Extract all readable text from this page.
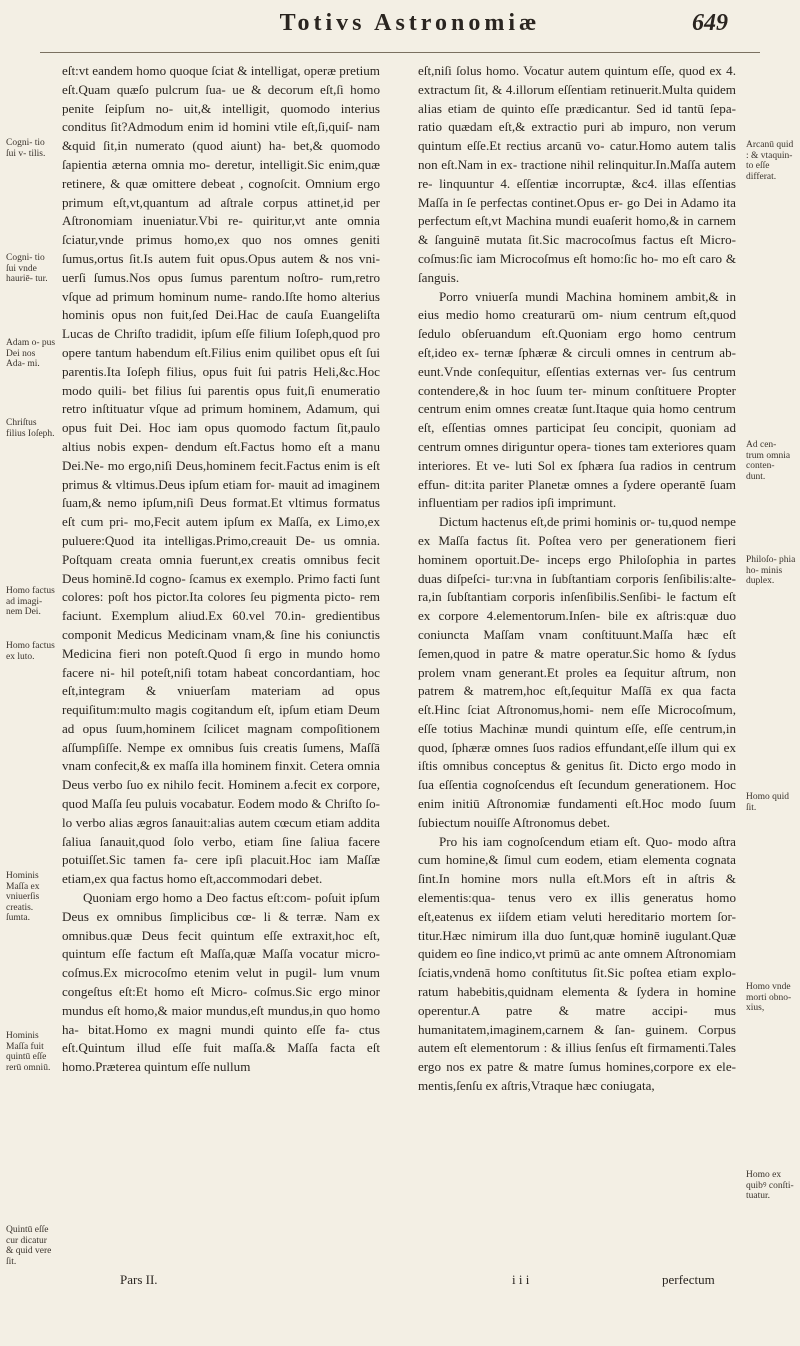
Totivs Astronomiæ	649

eſt:vt eandem homo quoque ſciat & intelligat, operæ pretium eſt.Quam quæſo pulcrum ſua- ue & decorum eſt,ſi homo penite ſeipſum no- uit,& intelligit, quomodo interius conditus ſit?Admodum enim id homini vtile eſt,ſi,quiſ- nam &quid ſit,in numerato (quod aiunt) ha- bet,& quomodo ſapientia æterna omnia mo- deretur, intelligit.Sic enim,quæ retinere, & quæ omittere debeat , cognoſcit. Omnium ergo primum eſt,vt,quantum ad aſtrale corpus attinet,id per Aſtronomiam inueniatur.Vbi re- quiritur,vt ante omnia ſciatur,vnde primus homo,ex quo nos omnes geniti ſumus,ortus ſit.Is autem fuit opus.Opus autem & nos vni- uerſi ſumus.Nos opus ſumus parentum noſtro- rum,retro vſque ad primum hominum nume- rando.Iſte homo alterius hominis opus non fuit,ſed Dei.Hac de cauſa Euangeliſta Lucas de Chriſto tradidit, ipſum eſſe filium Ioſeph,quod pro opere tantum habendum eſt.Filius enim quilibet opus eſt ſui parentis.Ita Ioſeph filius, opus fuit ſui patris Heli,&c.Hoc modo quili- bet filius ſui parentis opus fuit,ſi enumeratio retro inſtituatur vſque ad primum hominem, Adamum, qui opus fuit Dei. Hoc iam opus quomodo factum ſit,paulo altius nobis expen- dendum eſt.Factus homo eſt a manu Dei.Ne- mo ergo,niſi Deus,hominem fecit.Factus enim is eſt primus & vltimus.Deus ipſum etiam for- mauit ad imaginem ſuam,& nemo ipſum,niſi Deus format.Et vltimus formatus eſt cum pri- mo,Fecit autem ipſum ex Maſſa, ex Limo,ex puluere:Quod ita intelligas.Primo,creauit De- us omnia. Poſtquam creata omnia fuerunt,ex creatis omnibus fecit Deus hominē.Id cogno- ſcamus ex exemplo. Primo facti ſunt colores: poſt hos pictor.Ita colores ſeu pigmenta picto- rem faciunt. Exemplum aliud.Ex 60.vel 70.in- gredientibus componit Medicus Medicinam vnam,& ſine his coniunctis Medicina fieri non poteſt.Quod ſi ergo in mundo homo facere ni- hil poteſt,niſi totam habeat concordantiam, hoc eſt,integram & vniuerſam materiam ad opus requiſitum:multo magis cogitandum eſt, ipſum etiam Deum ad opus ſuum,hominem ſcilicet magnam compoſitionem aſſumpſiſſe. Nempe ex omnibus ſuis creatis ſumens, Maſſā vnam confecit,& ex maſſa illa hominem finxit. Cetera omnia Deus verbo ſuo ex nihilo fecit. Hominem a.fecit ex corpore, quod Maſſa ſeu puluis vocabatur. Eodem modo & Chriſto ſo- lo verbo alias ægros ſanauit:alias autem cœcum etiam addita ſaliua ſanauit,quod ſolo verbo, etiam ſine ſaliua facere potuiſſet.Sic tamen fa- cere ipſi placuit.Hoc iam Maſſæ etiam,ex qua factus homo eſt,accommodari debet.

Quoniam ergo homo a Deo factus eſt:com- poſuit ipſum Deus ex omnibus ſimplicibus cœ- li & terræ. Nam ex omnibus.quæ Deus fecit quintum eſſe extraxit,hoc eſt, quintum eſſe factum eſt Maſſa,quæ Maſſa vocatur micro- coſmus.Ex microcoſmo etenim velut in pugil- lum vnum congeſtus eſt:Et homo eſt Micro- coſmus.Sic ergo minor mundus eſt homo,& maior mundus,eſt mundus,in quo homo ha- bitat.Homo ex magni mundi quinto eſſe fa- ctus eſt.Quintum illud eſſe fuit maſſa.& Maſſa facta eſt homo.Præterea quintum eſſe nullum

eſt,niſi ſolus homo. Vocatur autem quintum eſſe, quod ex 4. extractum ſit, & 4.illorum eſſentiam retinuerit.Multa quidem alias etiam de quinto eſſe prædicantur. Sed id tantū ſepa- ratio quædam eſt,& extractio puri ab impuro, non verum quintum eſſe.Et rectius arcanū vo- catur.Homo autem talis non eſt.Nam in ex- tractione nihil relinquitur.In.Maſſa autem re- linquuntur 4. eſſentiæ incorruptæ, &c4. illas eſſentias Maſſa in ſe perfectas continet.Opus er- go Dei in Adamo ita perfectum eſt,vt Machina mundi euaſerit homo,& in carnem & ſanguinē mutata ſit.Sic macrocoſmus factus eſt Micro- coſmus:ſic iam Microcoſmus eſt homo:ſic ho- mo eſt caro & ſanguis.

Porro vniuerſa mundi Machina hominem ambit,& in eius medio homo creaturarū om- nium centrum eſt,quod ſedulo obſeruandum eſt.Quoniam ergo homo centrum eſt,ideo ex- ternæ ſphæræ & circuli omnes in centrum ab- eunt.Vnde conſequitur, eſſentias externas ver- ſus centrum contendere,& in hoc ſuum ter- minum conſtituere Propter centrum enim omnes creatæ ſunt.Itaque quia homo centrum eſt, eſſentias omnes participat ſeu concipit, quoniam ad centrum omnes diriguntur opera- tiones tam exteriores quam interiores. Et ve- luti Sol ex ſphæra ſua radios in centrum effun- dit:ita pariter Planetæ omnes a ſydere operantē ſuam influentiam per radios ipſi imprimunt.

Dictum hactenus eſt,de primi hominis or- tu,quod nempe ex Maſſa factus ſit. Poſtea vero per generationem fieri hominem oportuit.De- inceps ergo Philoſophia in partes duas diſpeſci- tur:vna in ſubſtantiam corporis ſenſibilis:alte- ra,in ſubſtantiam corporis inſenſibilis.Senſibi- le factum eſt ex corpore 4.elementorum.Inſen- bile ex aſtris:quæ duo coniuncta Maſſam vnam conſtituunt.Maſſa hæc eſt ſemen,quod in patre & matre operatur.Sic homo & ſydus prolem vnam generant.Et proles ea ſequitur aſtrum, non patrem & matrem,hoc eſt,ſequitur Maſſā ex qua facta eſt.Hinc ſciat Aſtronomus,homi- nem eſſe Microcoſmum, eſſe totius Machinæ mundi quintum eſſe, eſſe centrum,in quod, ſphæræ omnes ſuos radios effundant,eſſe illum qui ex iſtis omnibus conceptus & genitus ſit. Dicto ergo modo in ſua eſſentia cognoſcendus eſt ſecundum generationem. Hoc enim initiū Aſtronomiæ fundamenti eſt.Hoc modo ſuum ſubiectum nouiſſe Aſtronomus debet.

Pro his iam cognoſcendum etiam eſt. Quo- modo aſtra cum homine,& ſimul cum eodem, etiam elementa cognata ſint.In homine mors nulla eſt.Mors eſt in aſtris & elementis:qua- tenus vero ex illis generatus homo eſt,eatenus ex iiſdem etiam veluti hereditario mortem ſor- titur.Hæc nimirum illa duo ſunt,quæ hominē iugulant.Quæ quidem eo ſine indico,vt primū ac ante omnem Aſtronomiam ſciatis,vndenā homo conſtitutus ſit.Sic poſtea etiam explo- ratum habebitis,quidnam elementa & ſydera in homine operentur.A patre & matre accipi- mus humanitatem,imaginem,carnem & ſan- guinem. Corpus autem eſt elementorum : & illius ſenſus eſt firmamenti.Tales ergo nos ex patre & matre ſumus homines,corpore ex ele- mentis,ſenſu ex aſtris,Vtraque hæc coniugata,

Cogni- tio ſui v- tilis.
Cogni- tio ſui vnde hauriē- tur.
Adam o- pus Dei nos Ada- mi.
Chriſtus filius Ioſeph.
Homo factus ad imagi- nem Dei.
Homo factus ex luto.
Hominis Maſſa ex vniuerſis creatis. ſumta.
Hominis Maſſa fuit quintū eſſe rerū omniū.
Quintū eſſe cur dicatur & quid vere ſit.
Arcanū quid : & vtaquin- to eſſe differat.
Ad cen- trum omnia conten- dunt.
Philoſo- phia ho- minis duplex.
Homo quid ſit.
Homo vnde morti obno- xius,
Homo ex quibꝰ conſti- tuatur.
Pars II.	i i i	perfectum
